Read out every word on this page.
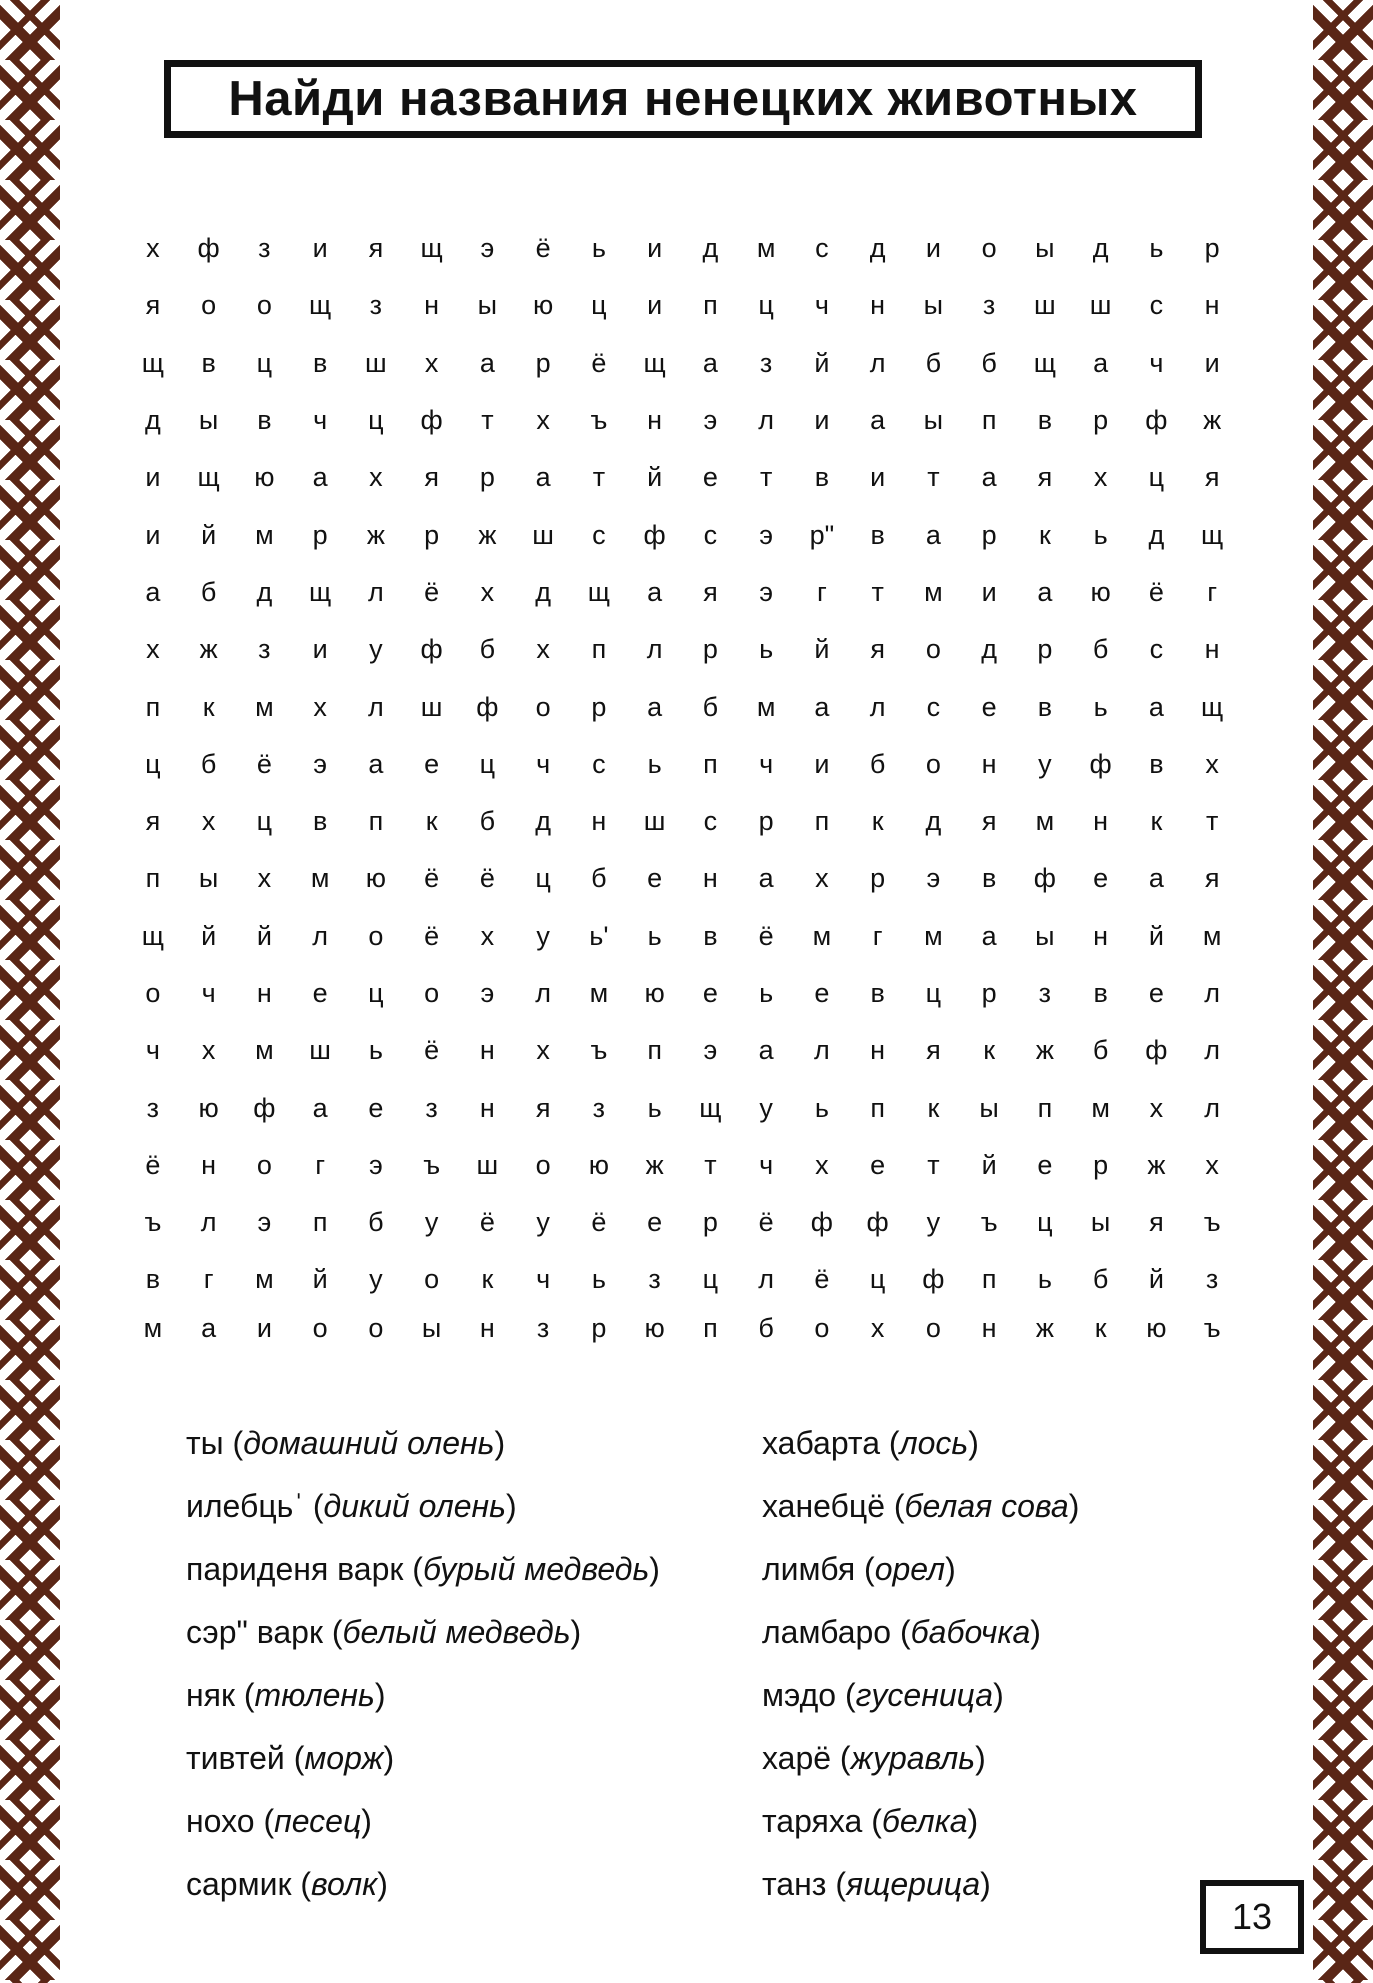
Найди названия ненецких животных
х	ф	з	и	я	щ	э	ё	ь	и	д	м	с	д	и	о	ы	д	ь	р
я	о	о	щ	з	н	ы	ю	ц	и	п	ц	ч	н	ы	з	ш	ш	с	н
щ	в	ц	в	ш	х	а	р	ё	щ	а	з	й	л	б	б	щ	а	ч	и
д	ы	в	ч	ц	ф	т	х	ъ	н	э	л	и	а	ы	п	в	р	ф	ж
и	щ	ю	а	х	я	р	а	т	й	е	т	в	и	т	а	я	х	ц	я
и	й	м	р	ж	р	ж	ш	с	ф	с	э	р"	в	а	р	к	ь	д	щ
а	б	д	щ	л	ё	х	д	щ	а	я	э	г	т	м	и	а	ю	ё	г
х	ж	з	и	у	ф	б	х	п	л	р	ь	й	я	о	д	р	б	с	н
п	к	м	х	л	ш	ф	о	р	а	б	м	а	л	с	е	в	ь	а	щ
ц	б	ё	э	а	е	ц	ч	с	ь	п	ч	и	б	о	н	у	ф	в	х
я	х	ц	в	п	к	б	д	н	ш	с	р	п	к	д	я	м	н	к	т
п	ы	х	м	ю	ё	ё	ц	б	е	н	а	х	р	э	в	ф	е	а	я
щ	й	й	л	о	ё	х	у	ь'	ь	в	ё	м	г	м	а	ы	н	й	м
о	ч	н	е	ц	о	э	л	м	ю	е	ь	е	в	ц	р	з	в	е	л
ч	х	м	ш	ь	ё	н	х	ъ	п	э	а	л	н	я	к	ж	б	ф	л
з	ю	ф	а	е	з	н	я	з	ь	щ	у	ь	п	к	ы	п	м	х	л
ё	н	о	г	э	ъ	ш	о	ю	ж	т	ч	х	е	т	й	е	р	ж	х
ъ	л	э	п	б	у	ё	у	ё	е	р	ё	ф	ф	у	ъ	ц	ы	я	ъ
в	г	м	й	у	о	к	ч	ь	з	ц	л	ё	ц	ф	п	ь	б	й	з
м	а	и	о	о	ы	н	з	р	ю	п	б	о	х	о	н	ж	к	ю	ъ
ты (домашний олень)
илебцьˈ (дикий олень)
париденя варк (бурый медведь)
сэр" варк (белый медведь)
няк (тюлень)
тивтей (морж)
нохо (песец)
сармик (волк)
хабарта (лось)
ханебцё (белая сова)
лимбя (орел)
ламбаро (бабочка)
мэдо (гусеница)
харё (журавль)
таряха (белка)
танз (ящерица)
13
